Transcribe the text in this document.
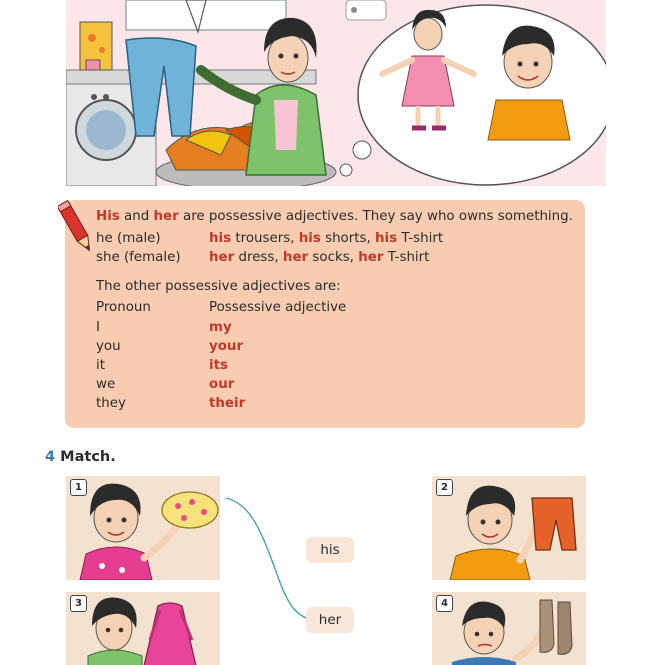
His and her are possessive adjectives. They say who owns something.
he (male)	his trousers, his shorts, his T-shirt
she (female) her dress, her socks, her T-shirt
The other possessive adjectives are:
Pronoun	Possessive adjective
I	my
you	your
it	its
we	our
they	their
4 Match.
1	2
3	4
his
her
